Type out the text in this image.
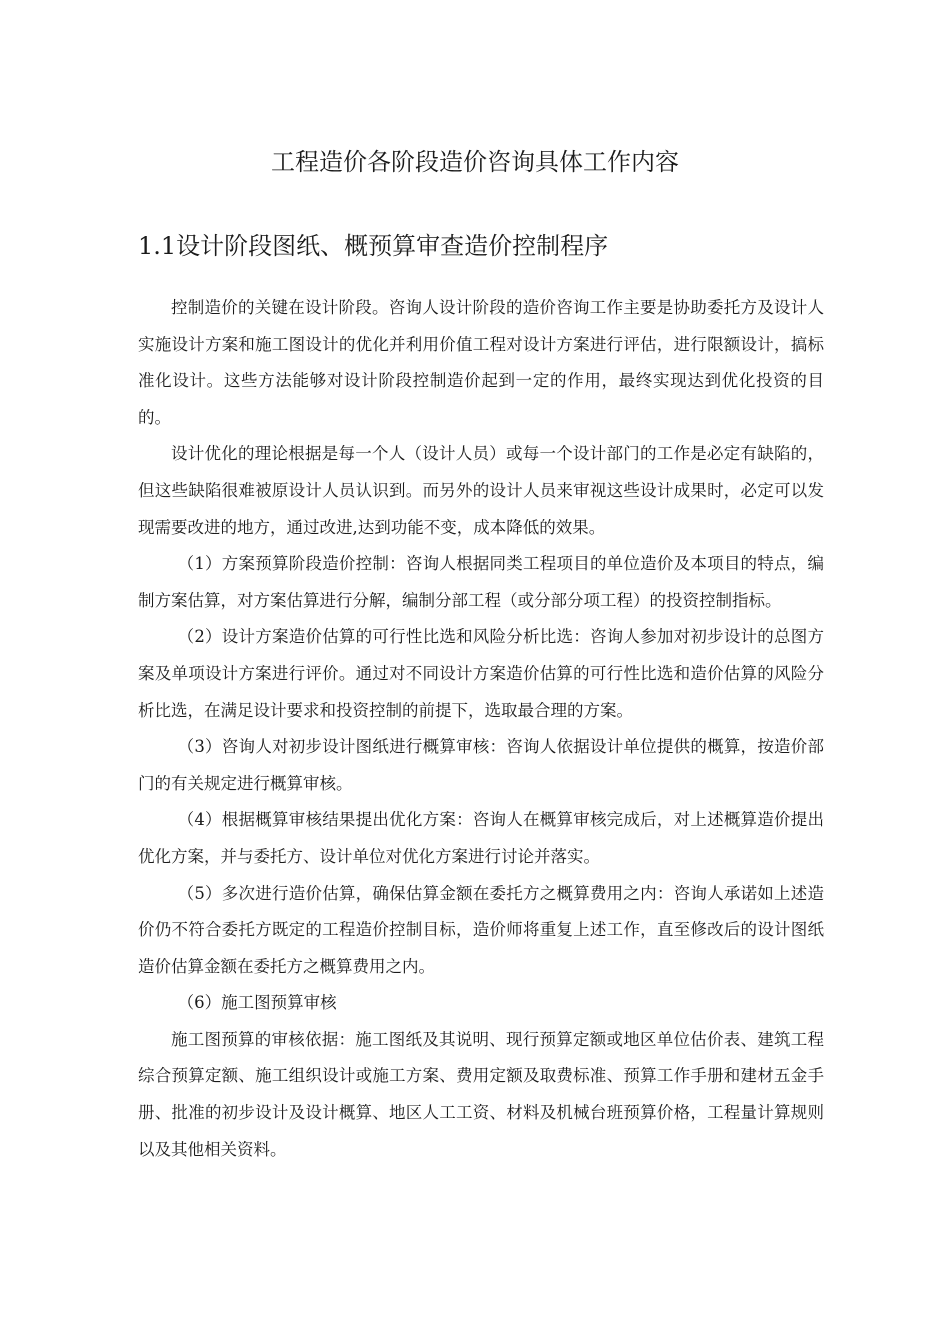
工程造价各阶段造价咨询具体工作内容
1.1设计阶段图纸、概预算审查造价控制程序

控制造价的关键在设计阶段。咨询人设计阶段的造价咨询工作主要是协助委托方及设计人实施设计方案和施工图设计的优化并利用价值工程对设计方案进行评估，进行限额设计，搞标准化设计。这些方法能够对设计阶段控制造价起到一定的作用，最终实现达到优化投资的目的。

设计优化的理论根据是每一个人（设计人员）或每一个设计部门的工作是必定有缺陷的，但这些缺陷很难被原设计人员认识到。而另外的设计人员来审视这些设计成果时，必定可以发现需要改进的地方，通过改进,达到功能不变，成本降低的效果。

（1）方案预算阶段造价控制：咨询人根据同类工程项目的单位造价及本项目的特点，编制方案估算，对方案估算进行分解，编制分部工程（或分部分项工程）的投资控制指标。

（2）设计方案造价估算的可行性比选和风险分析比选：咨询人参加对初步设计的总图方案及单项设计方案进行评价。通过对不同设计方案造价估算的可行性比选和造价估算的风险分析比选，在满足设计要求和投资控制的前提下，选取最合理的方案。

（3）咨询人对初步设计图纸进行概算审核：咨询人依据设计单位提供的概算，按造价部门的有关规定进行概算审核。

（4）根据概算审核结果提出优化方案：咨询人在概算审核完成后，对上述概算造价提出优化方案，并与委托方、设计单位对优化方案进行讨论并落实。

（5）多次进行造价估算，确保估算金额在委托方之概算费用之内：咨询人承诺如上述造价仍不符合委托方既定的工程造价控制目标，造价师将重复上述工作，直至修改后的设计图纸造价估算金额在委托方之概算费用之内。

（6）施工图预算审核

施工图预算的审核依据：施工图纸及其说明、现行预算定额或地区单位估价表、建筑工程综合预算定额、施工组织设计或施工方案、费用定额及取费标准、预算工作手册和建材五金手册、批准的初步设计及设计概算、地区人工工资、材料及机械台班预算价格，工程量计算规则以及其他相关资料。
